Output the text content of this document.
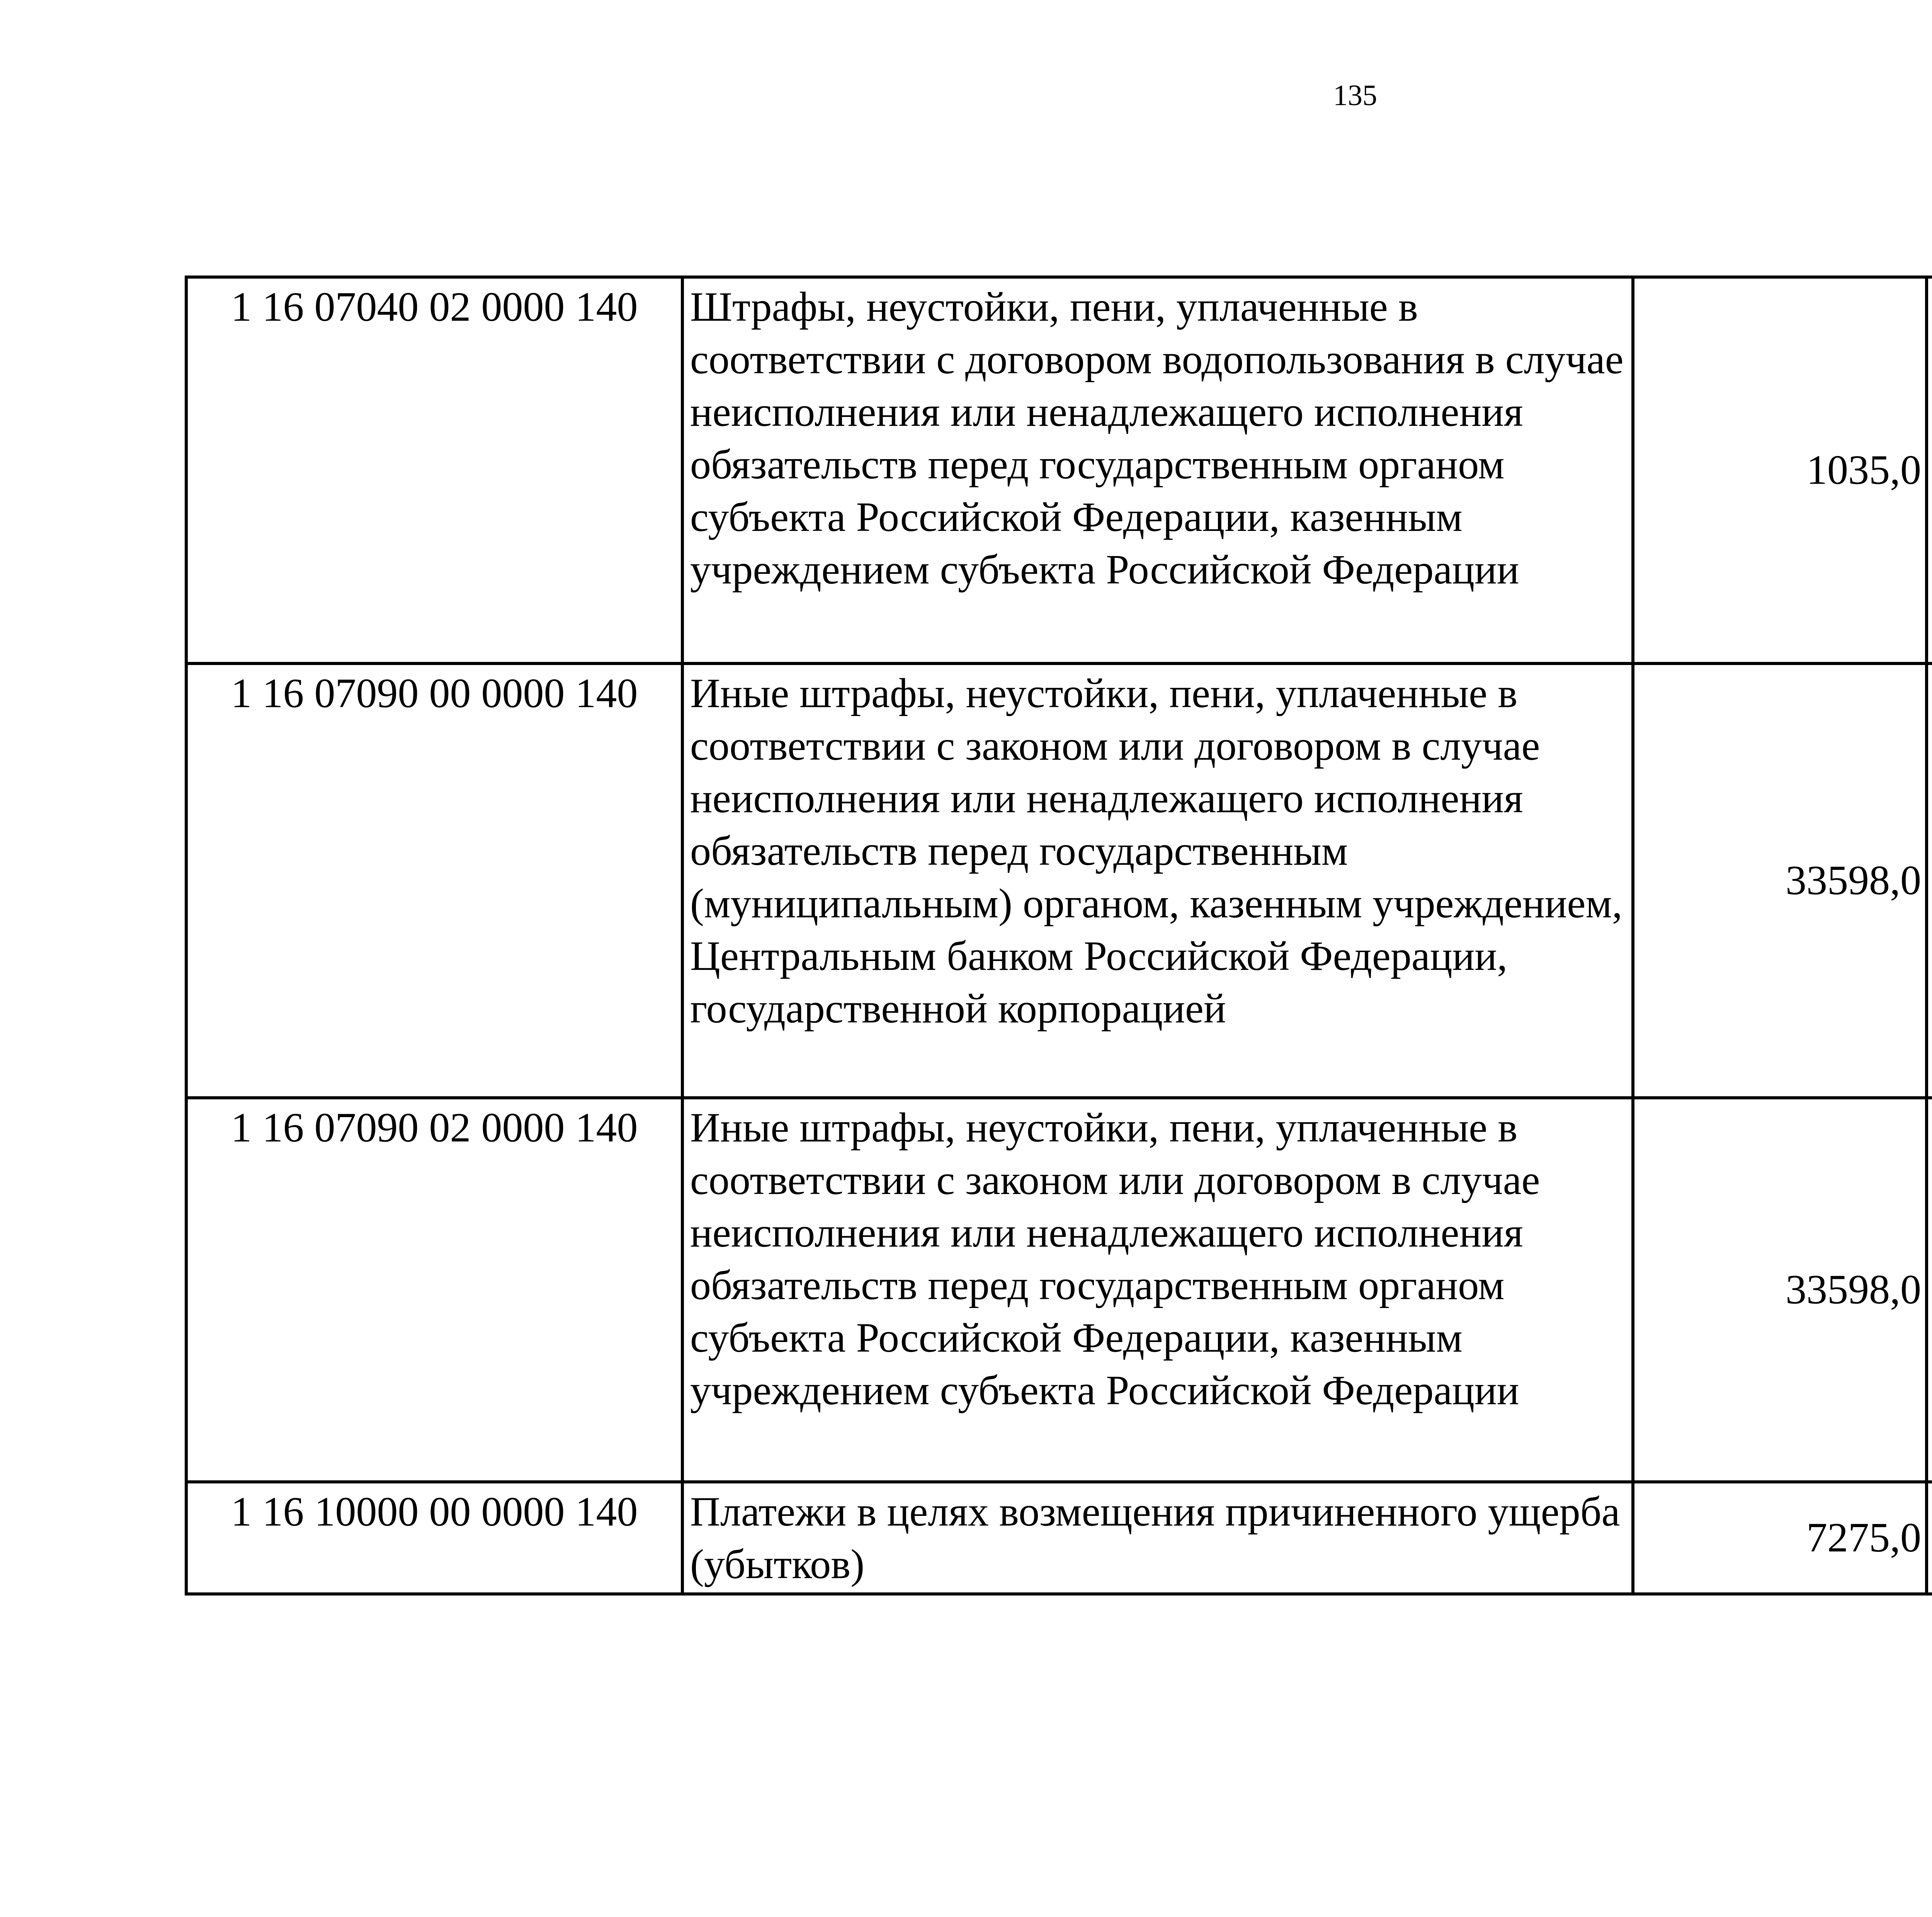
135
1 16 07040 02 0000 140	Штрафы, неустойки, пени, уплаченные в соответствии с договором водопользования в случае неисполнения или ненадлежащего исполнения обязательств перед государственным органом субъекта Российской Федерации, казенным учреждением субъекта Российской Федерации	1035,0		
1 16 07090 00 0000 140	Иные штрафы, неустойки, пени, уплаченные в соответствии с законом или договором в случае неисполнения или ненадлежащего исполнения обязательств перед государственным (муниципальным) органом, казенным учреждением, Центральным банком Российской Федерации, государственной корпорацией	33598,0		
1 16 07090 02 0000 140	Иные штрафы, неустойки, пени, уплаченные в соответствии с законом или договором в случае неисполнения или ненадлежащего исполнения обязательств перед государственным органом субъекта Российской Федерации, казенным учреждением субъекта Российской Федерации	33598,0		
1 16 10000 00 0000 140	Платежи в целях возмещения причиненного ущерба (убытков)	7275,0		
